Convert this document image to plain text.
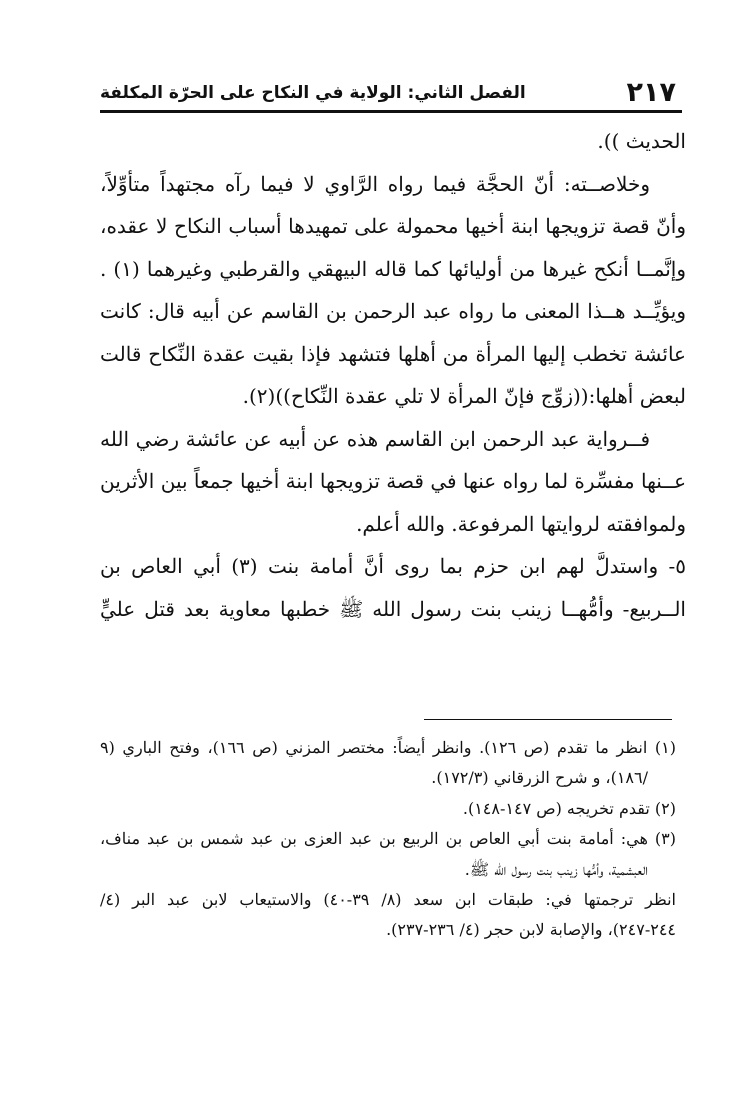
٢١٧
الفصل الثاني: الولاية في النكاح على الحرّة المكلفة

الحديث )).

وخلاصــته: أنّ الحجَّة فيما رواه الرَّاوي لا فيما رآه مجتهداً متأوِّلاً،

وأنّ قصة تزويجها ابنة أخيها محمولة على تمهيدها أسباب النكاح لا عقده،

وإنَّمــا أنكح غيرها من أوليائها كما قاله البيهقي والقرطبي وغيرهما (١) .

ويؤيِّــد هــذا المعنى ما رواه عبد الرحمن بن القاسم عن أبيه قال: كانت

عائشة تخطب إليها المرأة من أهلها فتشهد فإذا بقيت عقدة النِّكاح قالت

لبعض أهلها:((زوِّج فإنّ المرأة لا تلي عقدة النِّكاح))(٢).

فــرواية عبد الرحمن ابن القاسم هذه عن أبيه عن عائشة رضي الله

عــنها مفسِّرة لما رواه عنها في قصة تزويجها ابنة أخيها جمعاً بين الأثرين

ولموافقته لروايتها المرفوعة. والله أعلم.

٥- واستدلَّ لهم ابن حزم بما روى أنَّ أمامة بنت (٣) أبي العاص بن

الــربيع- وأمُّهــا زينب بنت رسول الله ﷺ خطبها معاوية بعد قتل عليٍّ

(١) انظر ما تقدم (ص ١٢٦). وانظر أيضاً: مختصر المزني (ص ١٦٦)، وفتح الباري (٩

/١٨٦)، و شرح الزرقاني (١٧٢/٣).

(٢) تقدم تخريجه (ص ١٤٧-١٤٨).

(٣) هي: أمامة بنت أبي العاص بن الربيع بن عبد العزى بن عبد شمس بن عبد مناف،

العبشمية، وأمُّها زينب بنت رسول الله ﷺ.

انظر ترجمتها في: طبقات ابن سعد (٨/ ٣٩-٤٠) والاستيعاب لابن عبد البر (٤/

٢٤٤-٢٤٧)، والإصابة لابن حجر (٤/ ٢٣٦-٢٣٧).
